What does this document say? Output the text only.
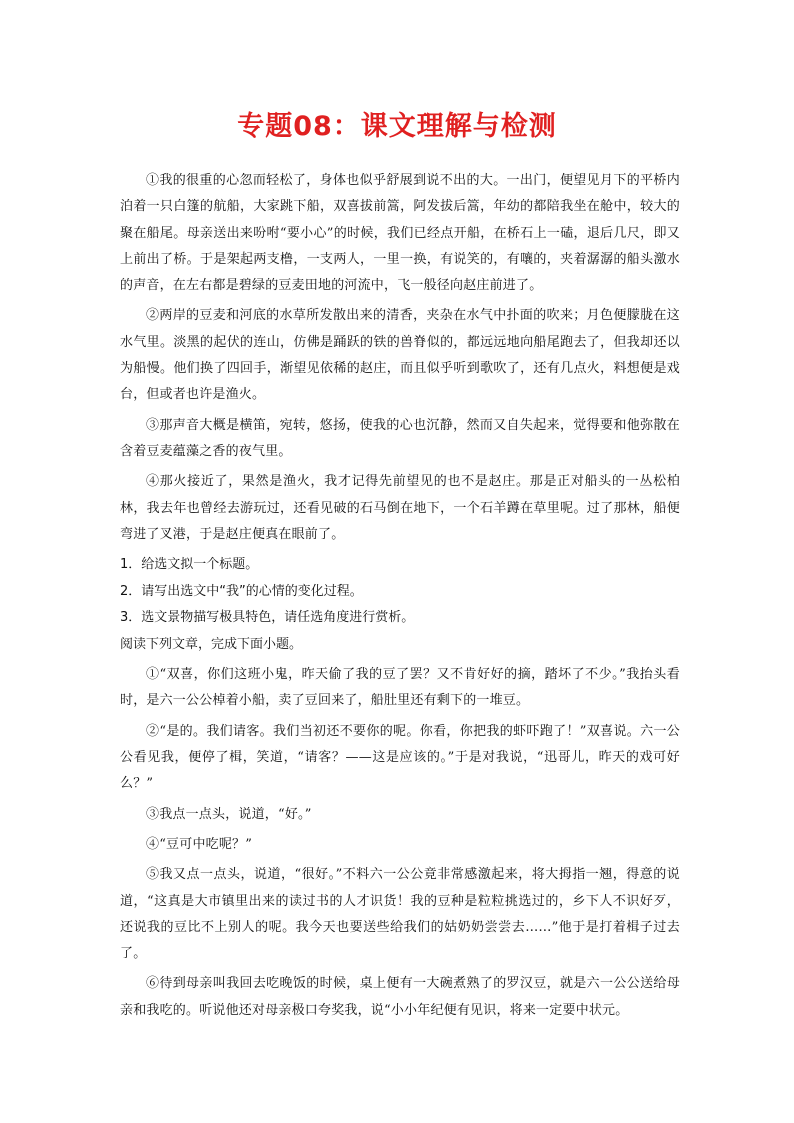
专题08：课文理解与检测

①我的很重的心忽而轻松了，身体也似乎舒展到说不出的大。一出门，便望见月下的平桥内泊着一只白篷的航船，大家跳下船，双喜拔前篙，阿发拔后篙，年幼的都陪我坐在舱中，较大的聚在船尾。母亲送出来吩咐“要小心”的时候，我们已经点开船，在桥石上一磕，退后几尺，即又上前出了桥。于是架起两支橹，一支两人，一里一换，有说笑的，有嚷的，夹着潺潺的船头激水的声音，在左右都是碧绿的豆麦田地的河流中，飞一般径向赵庄前进了。

②两岸的豆麦和河底的水草所发散出来的清香，夹杂在水气中扑面的吹来；月色便朦胧在这水气里。淡黑的起伏的连山，仿佛是踊跃的铁的兽脊似的，都远远地向船尾跑去了，但我却还以为船慢。他们换了四回手，渐望见依稀的赵庄，而且似乎听到歌吹了，还有几点火，料想便是戏台，但或者也许是渔火。

③那声音大概是横笛，宛转，悠扬，使我的心也沉静，然而又自失起来，觉得要和他弥散在含着豆麦蕴藻之香的夜气里。

④那火接近了，果然是渔火，我才记得先前望见的也不是赵庄。那是正对船头的一丛松柏林，我去年也曾经去游玩过，还看见破的石马倒在地下，一个石羊蹲在草里呢。过了那林，船便弯进了叉港，于是赵庄便真在眼前了。

1．给选文拟一个标题。

2．请写出选文中“我”的心情的变化过程。

3．选文景物描写极具特色，请任选角度进行赏析。

阅读下列文章，完成下面小题。

①“双喜，你们这班小鬼，昨天偷了我的豆了罢？又不肯好好的摘，踏坏了不少。”我抬头看时，是六一公公棹着小船，卖了豆回来了，船肚里还有剩下的一堆豆。

②“是的。我们请客。我们当初还不要你的呢。你看，你把我的虾吓跑了！”双喜说。六一公公看见我，便停了楫，笑道，“请客？——这是应该的。”于是对我说，“迅哥儿，昨天的戏可好么？”

③我点一点头，说道，“好。”

④“豆可中吃呢？”

⑤我又点一点头，说道，“很好。”不料六一公公竟非常感激起来，将大拇指一翘，得意的说道，“这真是大市镇里出来的读过书的人才识货！我的豆种是粒粒挑选过的，乡下人不识好歹，还说我的豆比不上别人的呢。我今天也要送些给我们的姑奶奶尝尝去……”他于是打着楫子过去了。

⑥待到母亲叫我回去吃晚饭的时候，桌上便有一大碗煮熟了的罗汉豆，就是六一公公送给母亲和我吃的。听说他还对母亲极口夸奖我，说“小小年纪便有见识，将来一定要中状元。
